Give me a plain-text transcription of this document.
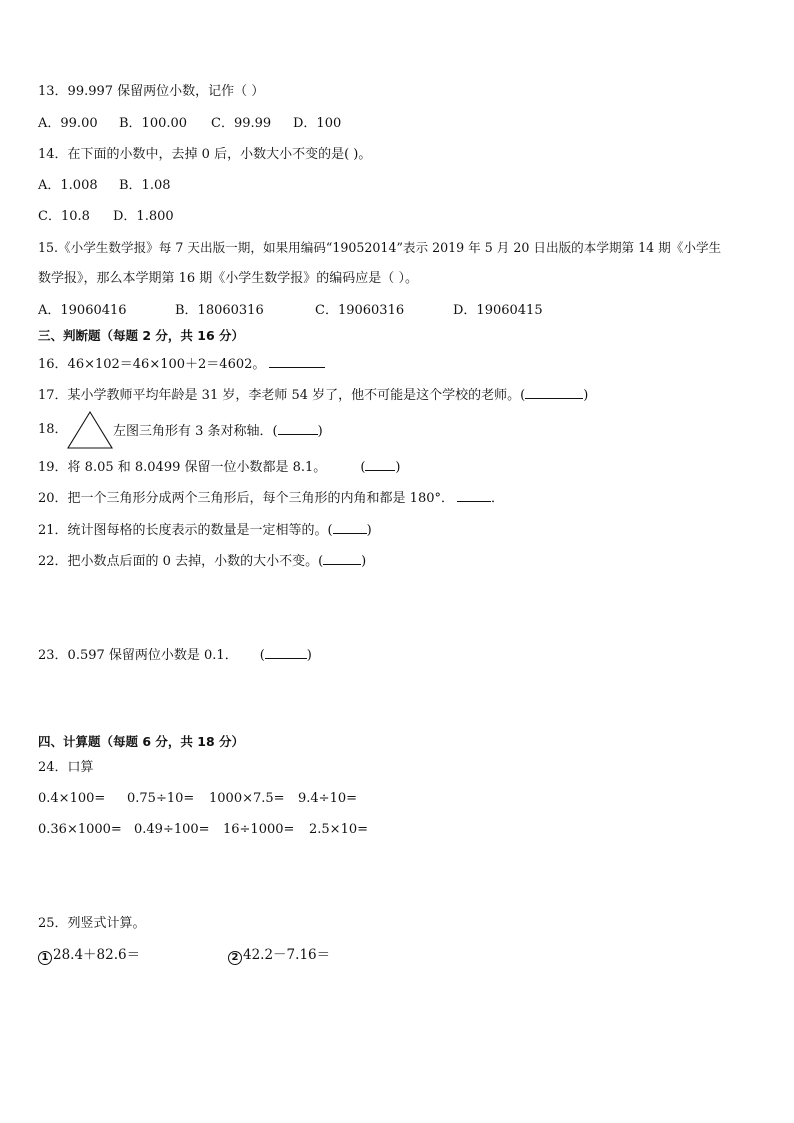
13．99.997 保留两位小数，记作（ ）
A．99.00 B．100.00 C．99.99 D．100
14．在下面的小数中，去掉 0 后，小数大小不变的是( )。
A．1.008 B．1.08
C．10.8 D．1.800
15.《小学生数学报》每 7 天出版一期，如果用编码“19052014”表示 2019 年 5 月 20 日出版的本学期第 14 期《小学生
数学报》，那么本学期第 16 期《小学生数学报》的编码应是（ ）。
A．19060416	B．18060316	C．19060316	D．19060415
三、判断题（每题 2 分，共 16 分）
16．46×102＝46×100＋2＝4602。
17．某小学教师平均年龄是 31 岁，李老师 54 岁了，他不可能是这个学校的老师。(	)
18．	左图三角形有 3 条对称轴．(	)
19．将 8.05 和 8.0499 保留一位小数都是 8.1。	( )
20．把一个三角形分成两个三角形后，每个三角形的内角和都是 180°．	．
21．统计图每格的长度表示的数量是一定相等的。(	)
22．把小数点后面的 0 去掉，小数的大小不变。(	)
23．0.597 保留两位小数是 0.1． (	)
四、计算题（每题 6 分，共 18 分）
24．口算
0.4×100= 0.75÷10= 1000×7.5= 9.4÷10=
0.36×1000= 0.49÷100= 16÷1000= 2.5×10=
25．列竖式计算。
1 28.4＋82.6＝	2 42.2－7.16＝
